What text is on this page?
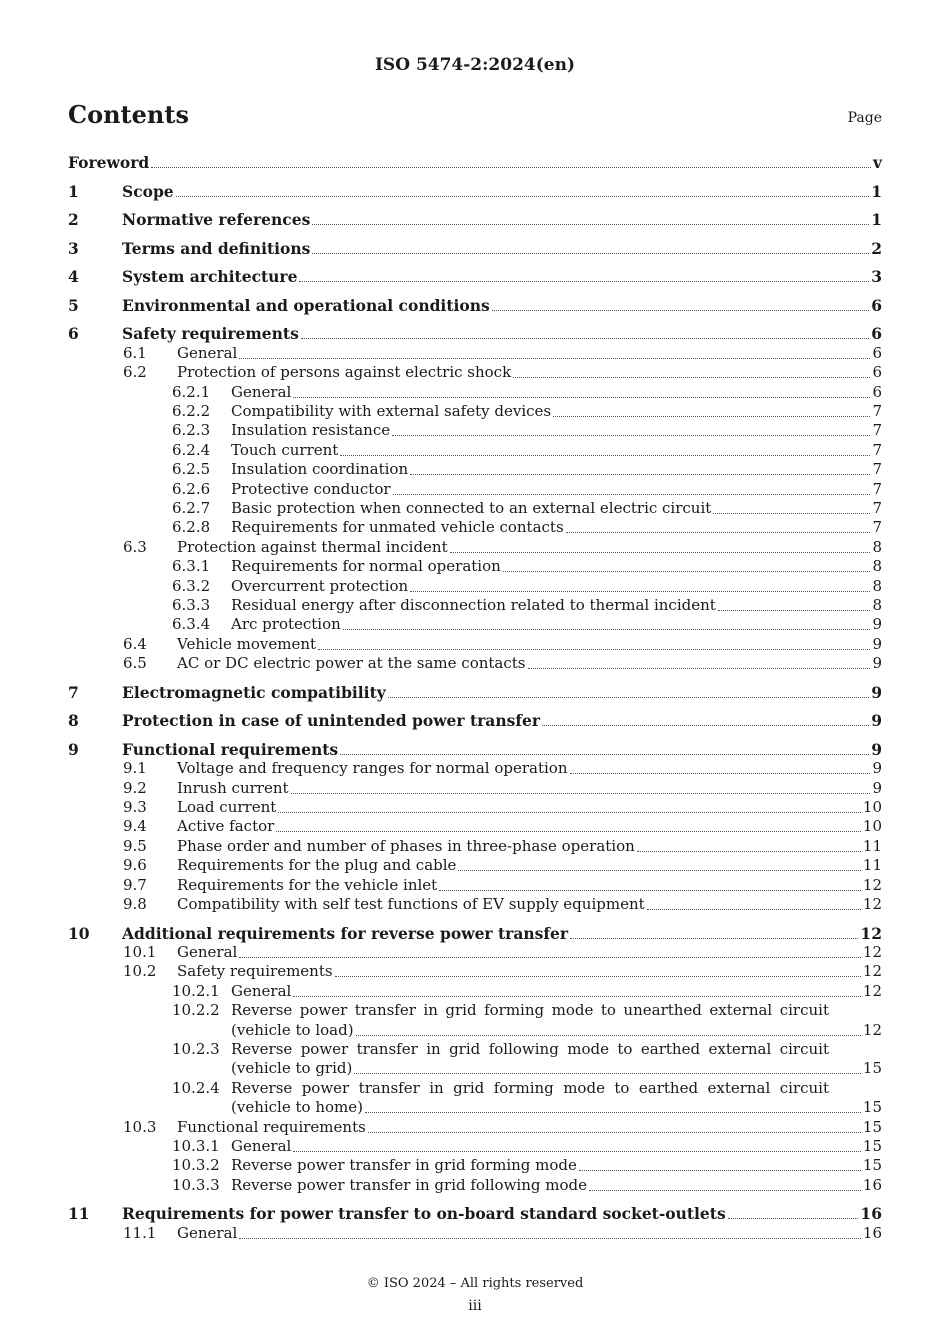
ISO 5474-2:2024(en)
Contents	Page
Foreword	v
1	Scope	1
2	Normative references	1
3	Terms and definitions	2
4	System architecture	3
5	Environmental and operational conditions	6
6	Safety requirements	6
6.1 General	6
6.2 Protection of persons against electric shock	6
6.2.1 General	6
6.2.2 Compatibility with external safety devices	7
6.2.3 Insulation resistance	7
6.2.4 Touch current	7
6.2.5 Insulation coordination	7
6.2.6 Protective conductor	7
6.2.7 Basic protection when connected to an external electric circuit	7
6.2.8 Requirements for unmated vehicle contacts	7
6.3 Protection against thermal incident	8
6.3.1 Requirements for normal operation	8
6.3.2 Overcurrent protection	8
6.3.3 Residual energy after disconnection related to thermal incident	8
6.3.4 Arc protection	9
6.4 Vehicle movement	9
6.5 AC or DC electric power at the same contacts	9
7	Electromagnetic compatibility	9
8	Protection in case of unintended power transfer	9
9	Functional requirements	9
9.1 Voltage and frequency ranges for normal operation	9
9.2 Inrush current	9
9.3 Load current	10
9.4 Active factor	10
9.5 Phase order and number of phases in three-phase operation	11
9.6 Requirements for the plug and cable	11
9.7 Requirements for the vehicle inlet	12
9.8 Compatibility with self test functions of EV supply equipment	12
10 Additional requirements for reverse power transfer	12
10.1 General	12
10.2 Safety requirements	12
10.2.1 General	12
10.2.2 Reverse power transfer in grid forming mode to unearthed external circuit
(vehicle to load)	12
10.2.3 Reverse power transfer in grid following mode to earthed external circuit
(vehicle to grid)	15
10.2.4 Reverse power transfer in grid forming mode to earthed external circuit
(vehicle to home)	15
10.3 Functional requirements	15
10.3.1 General	15
10.3.2 Reverse power transfer in grid forming mode	15
10.3.3 Reverse power transfer in grid following mode	16
11 Requirements for power transfer to on-board standard socket-outlets	16
11.1 General	16
© ISO 2024 – All rights reserved
iii
